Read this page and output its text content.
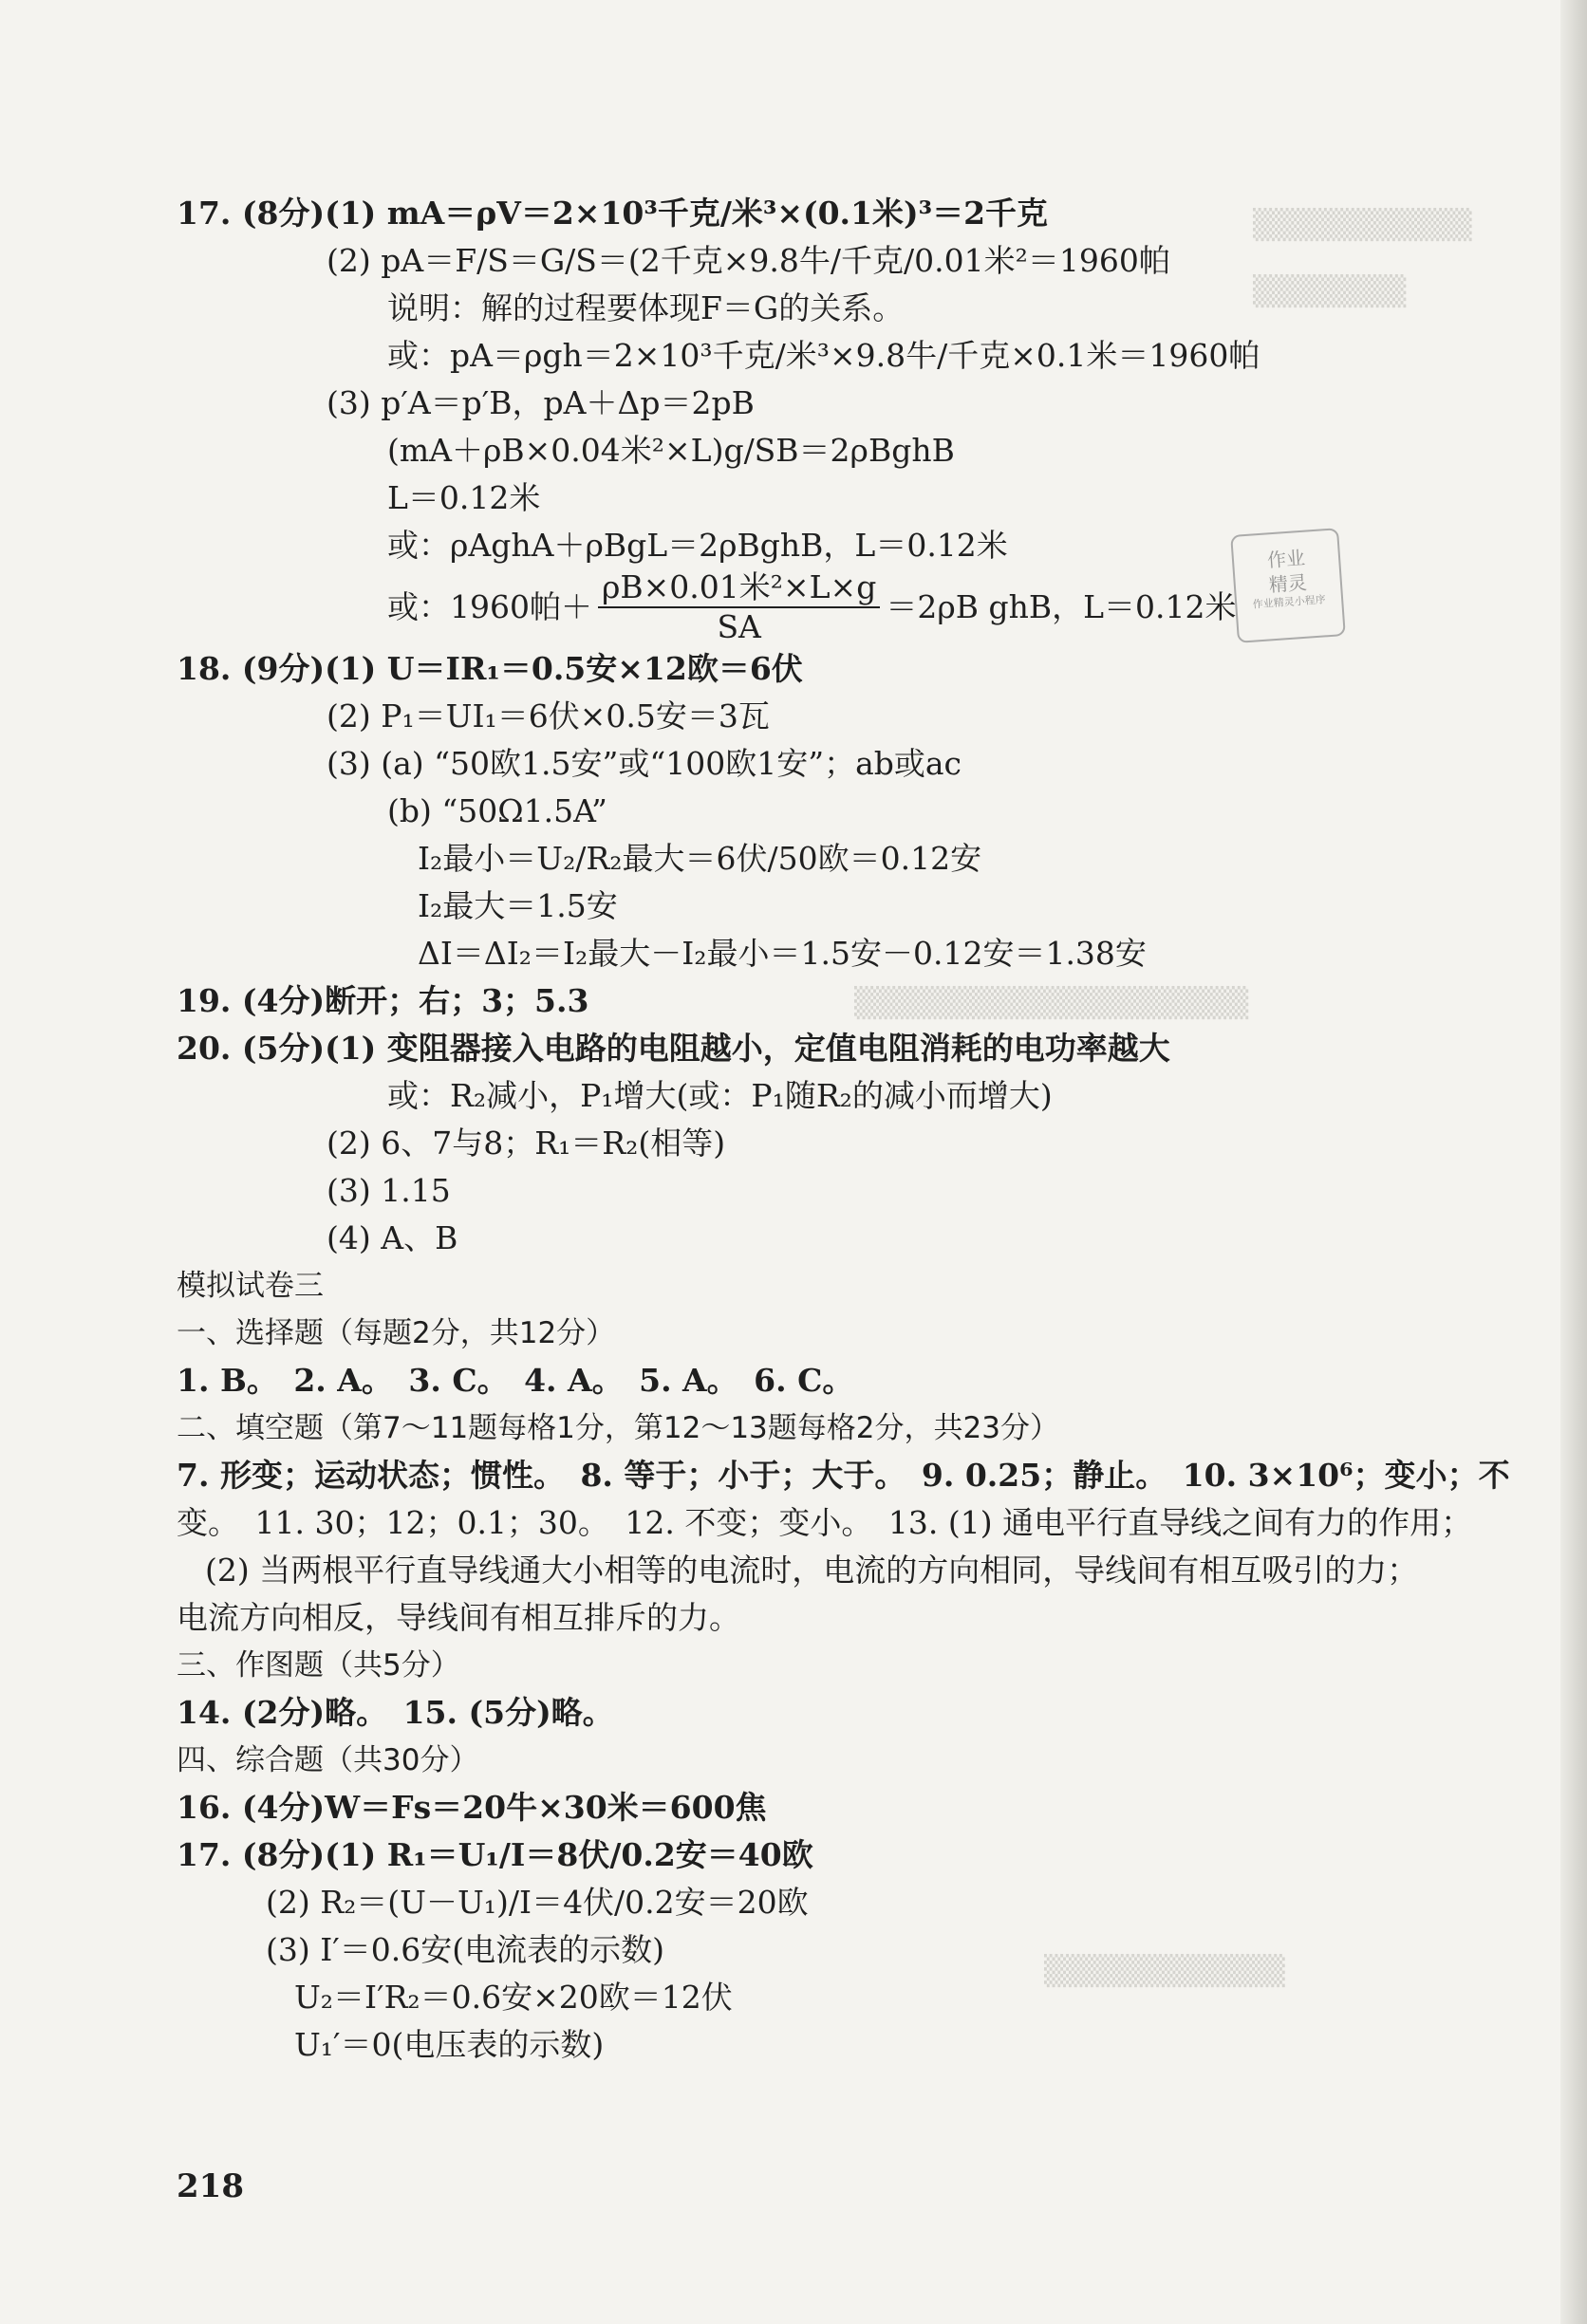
▒▒▒▒▒▒▒▒▒▒
▒▒▒▒▒▒▒
▒▒▒▒▒▒▒▒▒▒▒▒▒▒▒▒▒▒
▒▒▒▒▒▒▒▒▒▒▒
作业
精灵
作业精灵小程序
17. (8分)(1) mA＝ρV＝2×10³千克/米³×(0.1米)³＝2千克
(2) pA＝F/S＝G/S＝(2千克×9.8牛/千克/0.01米²＝1960帕
说明：解的过程要体现F＝G的关系。
或：pA＝ρgh＝2×10³千克/米³×9.8牛/千克×0.1米＝1960帕
(3) p′A＝p′B，pA＋Δp＝2pB
(mA＋ρB×0.04米²×L)g/SB＝2ρBghB
L＝0.12米
或：ρAghA＋ρBgL＝2ρBghB，L＝0.12米
或：1960帕＋ $\frac{\text{ρB×0.01米²×L×g}}{SA} =2\rho B$ ghB，L＝0.12米
18. (9分)(1) U＝IR₁＝0.5安×12欧＝6伏
(2) P₁＝UI₁＝6伏×0.5安＝3瓦
(3) (a) “50欧1.5安”或“100欧1安”；ab或ac
(b) “50Ω1.5A”
I₂最小＝U₂/R₂最大＝6伏/50欧＝0.12安
I₂最大＝1.5安
ΔI＝ΔI₂＝I₂最大－I₂最小＝1.5安－0.12安＝1.38安
19. (4分)断开；右；3；5.3
20. (5分)(1) 变阻器接入电路的电阻越小，定值电阻消耗的电功率越大
或：R₂减小，P₁增大(或：P₁随R₂的减小而增大)
(2) 6、7与8；R₁＝R₂(相等)
(3) 1.15
(4) A、B
模拟试卷三
一、选择题（每题2分，共12分）
1. B。　2. A。　3. C。　4. A。　5. A。　6. C。
二、填空题（第7～11题每格1分，第12～13题每格2分，共23分）
7. 形变；运动状态；惯性。　8. 等于；小于；大于。　9. 0.25；静止。　10. 3×10⁶；变小；不
变。　11. 30；12；0.1；30。　12. 不变；变小。　13. (1) 通电平行直导线之间有力的作用；
(2) 当两根平行直导线通大小相等的电流时，电流的方向相同，导线间有相互吸引的力；
电流方向相反，导线间有相互排斥的力。
三、作图题（共5分）
14. (2分)略。　15. (5分)略。
四、综合题（共30分）
16. (4分)W＝Fs＝20牛×30米＝600焦
17. (8分)(1) R₁＝U₁/I＝8伏/0.2安＝40欧
(2) R₂＝(U－U₁)/I＝4伏/0.2安＝20欧
(3) I′＝0.6安(电流表的示数)
U₂＝I′R₂＝0.6安×20欧＝12伏
U₁′＝0(电压表的示数)
218
